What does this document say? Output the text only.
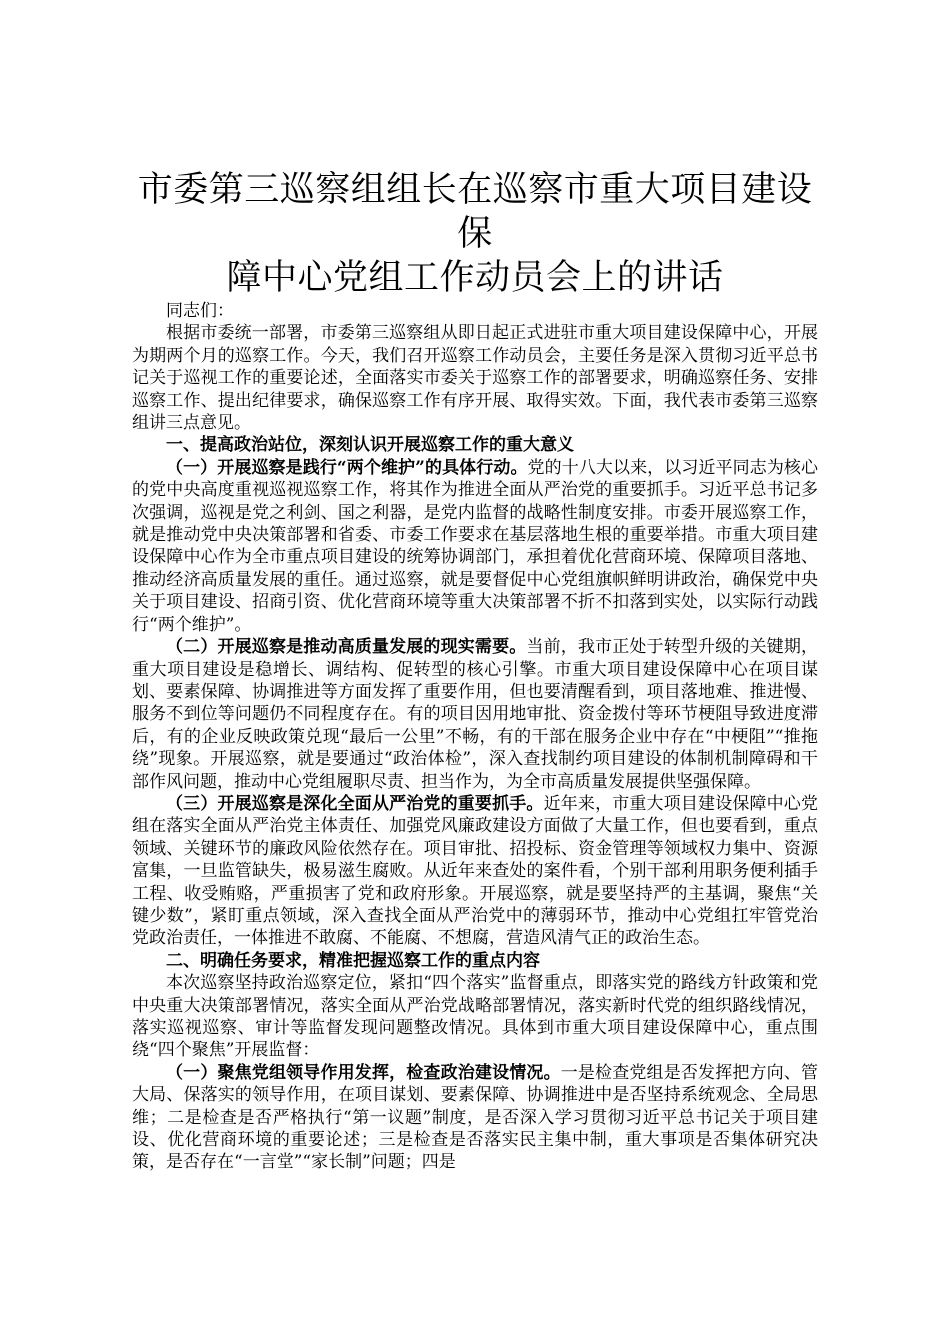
市委第三巡察组组长在巡察市重大项目建设保
障中心党组工作动员会上的讲话

同志们：

根据市委统一部署，市委第三巡察组从即日起正式进驻市重大项目建设保障中心，开展为期两个月的巡察工作。今天，我们召开巡察工作动员会，主要任务是深入贯彻习近平总书记关于巡视工作的重要论述，全面落实市委关于巡察工作的部署要求，明确巡察任务、安排巡察工作、提出纪律要求，确保巡察工作有序开展、取得实效。下面，我代表市委第三巡察组讲三点意见。

一、提高政治站位，深刻认识开展巡察工作的重大意义

（一）开展巡察是践行“两个维护”的具体行动。党的十八大以来，以习近平同志为核心的党中央高度重视巡视巡察工作，将其作为推进全面从严治党的重要抓手。习近平总书记多次强调，巡视是党之利剑、国之利器，是党内监督的战略性制度安排。市委开展巡察工作，就是推动党中央决策部署和省委、市委工作要求在基层落地生根的重要举措。市重大项目建设保障中心作为全市重点项目建设的统筹协调部门，承担着优化营商环境、保障项目落地、推动经济高质量发展的重任。通过巡察，就是要督促中心党组旗帜鲜明讲政治，确保党中央关于项目建设、招商引资、优化营商环境等重大决策部署不折不扣落到实处，以实际行动践行“两个维护”。

（二）开展巡察是推动高质量发展的现实需要。当前，我市正处于转型升级的关键期，重大项目建设是稳增长、调结构、促转型的核心引擎。市重大项目建设保障中心在项目谋划、要素保障、协调推进等方面发挥了重要作用，但也要清醒看到，项目落地难、推进慢、服务不到位等问题仍不同程度存在。有的项目因用地审批、资金拨付等环节梗阻导致进度滞后，有的企业反映政策兑现“最后一公里”不畅，有的干部在服务企业中存在“中梗阻”“推拖绕”现象。开展巡察，就是要通过“政治体检”，深入查找制约项目建设的体制机制障碍和干部作风问题，推动中心党组履职尽责、担当作为，为全市高质量发展提供坚强保障。

（三）开展巡察是深化全面从严治党的重要抓手。近年来，市重大项目建设保障中心党组在落实全面从严治党主体责任、加强党风廉政建设方面做了大量工作，但也要看到，重点领域、关键环节的廉政风险依然存在。项目审批、招投标、资金管理等领域权力集中、资源富集，一旦监管缺失，极易滋生腐败。从近年来查处的案件看，个别干部利用职务便利插手工程、收受贿赂，严重损害了党和政府形象。开展巡察，就是要坚持严的主基调，聚焦“关键少数”，紧盯重点领域，深入查找全面从严治党中的薄弱环节，推动中心党组扛牢管党治党政治责任，一体推进不敢腐、不能腐、不想腐，营造风清气正的政治生态。

二、明确任务要求，精准把握巡察工作的重点内容

本次巡察坚持政治巡察定位，紧扣“四个落实”监督重点，即落实党的路线方针政策和党中央重大决策部署情况，落实全面从严治党战略部署情况，落实新时代党的组织路线情况，落实巡视巡察、审计等监督发现问题整改情况。具体到市重大项目建设保障中心，重点围绕“四个聚焦”开展监督：

（一）聚焦党组领导作用发挥，检查政治建设情况。一是检查党组是否发挥把方向、管大局、保落实的领导作用，在项目谋划、要素保障、协调推进中是否坚持系统观念、全局思维；二是检查是否严格执行“第一议题”制度，是否深入学习贯彻习近平总书记关于项目建设、优化营商环境的重要论述；三是检查是否落实民主集中制，重大事项是否集体研究决策，是否存在“一言堂”“家长制”问题；四是
